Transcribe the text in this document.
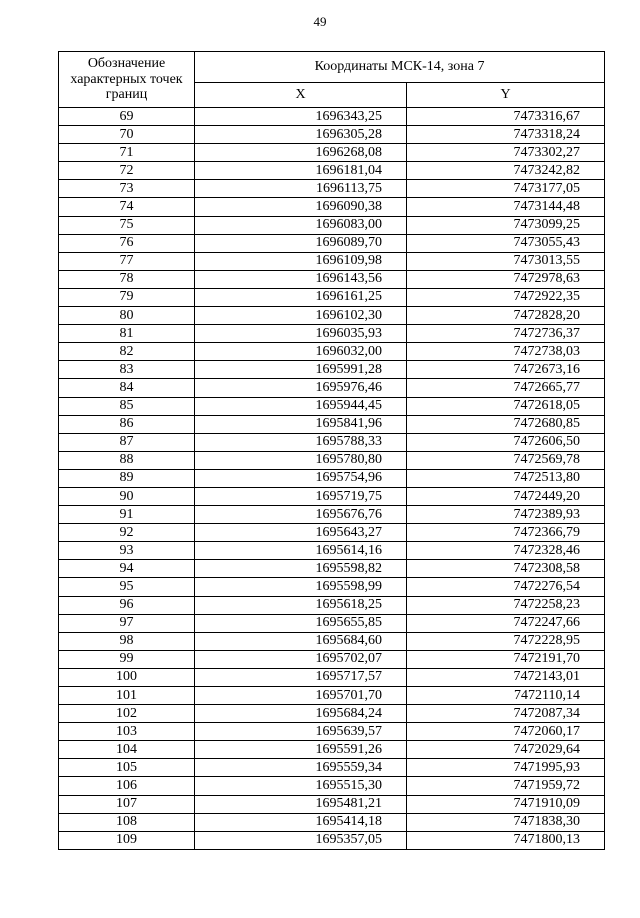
49
Обозначение характерных точек границ	Координаты МСК-14, зона 7	
	X	Y
69	1696343,25	7473316,67
70	1696305,28	7473318,24
71	1696268,08	7473302,27
72	1696181,04	7473242,82
73	1696113,75	7473177,05
74	1696090,38	7473144,48
75	1696083,00	7473099,25
76	1696089,70	7473055,43
77	1696109,98	7473013,55
78	1696143,56	7472978,63
79	1696161,25	7472922,35
80	1696102,30	7472828,20
81	1696035,93	7472736,37
82	1696032,00	7472738,03
83	1695991,28	7472673,16
84	1695976,46	7472665,77
85	1695944,45	7472618,05
86	1695841,96	7472680,85
87	1695788,33	7472606,50
88	1695780,80	7472569,78
89	1695754,96	7472513,80
90	1695719,75	7472449,20
91	1695676,76	7472389,93
92	1695643,27	7472366,79
93	1695614,16	7472328,46
94	1695598,82	7472308,58
95	1695598,99	7472276,54
96	1695618,25	7472258,23
97	1695655,85	7472247,66
98	1695684,60	7472228,95
99	1695702,07	7472191,70
100	1695717,57	7472143,01
101	1695701,70	7472110,14
102	1695684,24	7472087,34
103	1695639,57	7472060,17
104	1695591,26	7472029,64
105	1695559,34	7471995,93
106	1695515,30	7471959,72
107	1695481,21	7471910,09
108	1695414,18	7471838,30
109	1695357,05	7471800,13
